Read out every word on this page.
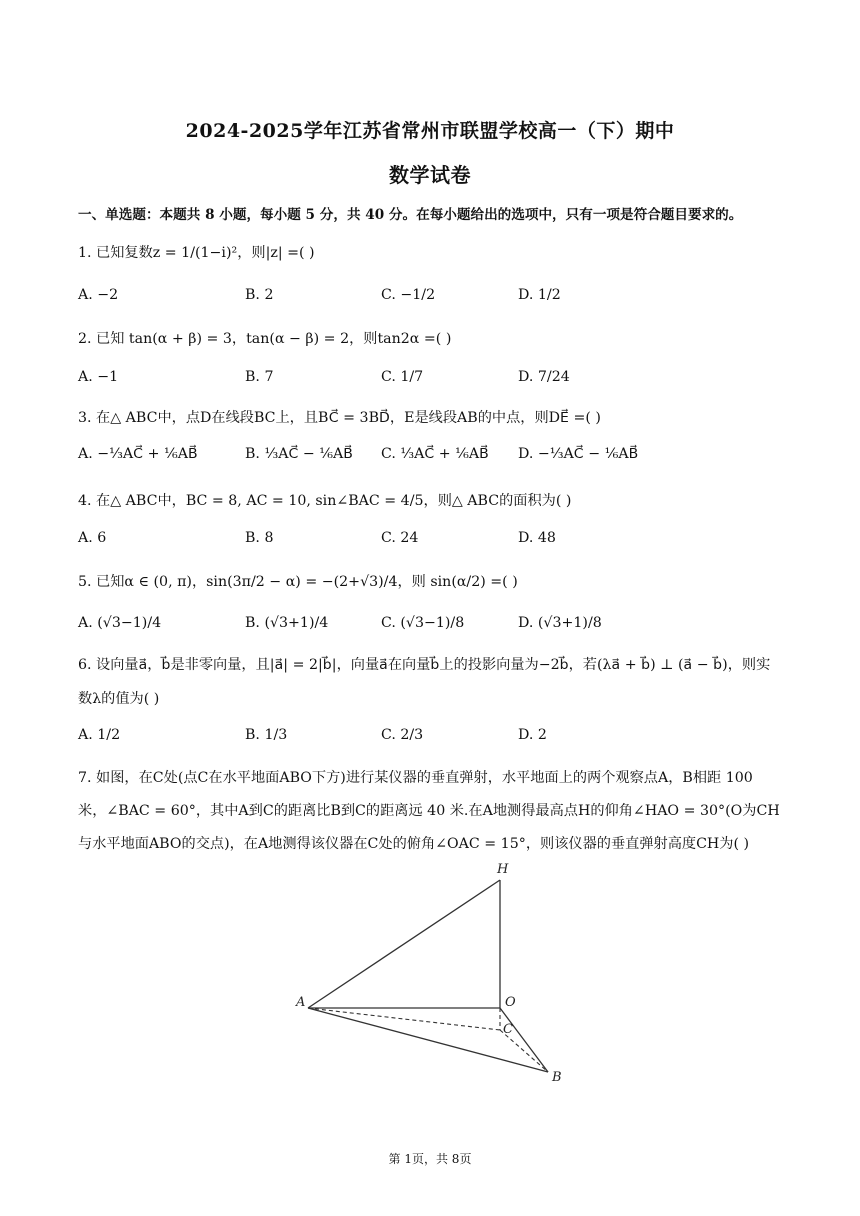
2024-2025学年江苏省常州市联盟学校高一（下）期中
数学试卷
一、单选题：本题共 8 小题，每小题 5 分，共 40 分。在每小题给出的选项中，只有一项是符合题目要求的。
1. 已知复数z = 1/(1−i)²，则|z| =( )
A. −2	B. 2	C. −1/2	D. 1/2
2. 已知 tan(α + β) = 3，tan(α − β) = 2，则tan2α =( )
A. −1	B. 7	C. 1/7	D. 7/24
3. 在△ ABC中，点D在线段BC上，且BC⃗ = 3BD⃗，E是线段AB的中点，则DE⃗ =( )
A. −⅓AC⃗ + ⅙AB⃗	B. ⅓AC⃗ − ⅙AB⃗ C. ⅓AC⃗ + ⅙AB⃗ D. −⅓AC⃗ − ⅙AB⃗
4. 在△ ABC中，BC = 8, AC = 10, sin∠BAC = 4/5，则△ ABC的面积为( )
A. 6	B. 8	C. 24	D. 48
5. 已知α ∈ (0, π)，sin(3π/2 − α) = −(2+√3)/4，则 sin(α/2) =( )
A. (√3−1)/4	B. (√3+1)/4	C. (√3−1)/8	D. (√3+1)/8
6. 设向量a⃗，b⃗是非零向量，且|a⃗| = 2|b⃗|，向量a⃗在向量b⃗上的投影向量为−2b⃗，若(λa⃗ + b⃗) ⊥ (a⃗ − b⃗)，则实
数λ的值为( )
A. 1/2	B. 1/3	C. 2/3	D. 2
7. 如图，在C处(点C在水平地面ABO下方)进行某仪器的垂直弹射，水平地面上的两个观察点A，B相距 100
米，∠BAC = 60°，其中A到C的距离比B到C的距离远 40 米.在A地测得最高点H的仰角∠HAO = 30°(O为CH
与水平地面ABO的交点)，在A地测得该仪器在C处的俯角∠OAC = 15°，则该仪器的垂直弹射高度CH为( )
H
A	O
C
B
第 1页，共 8页
